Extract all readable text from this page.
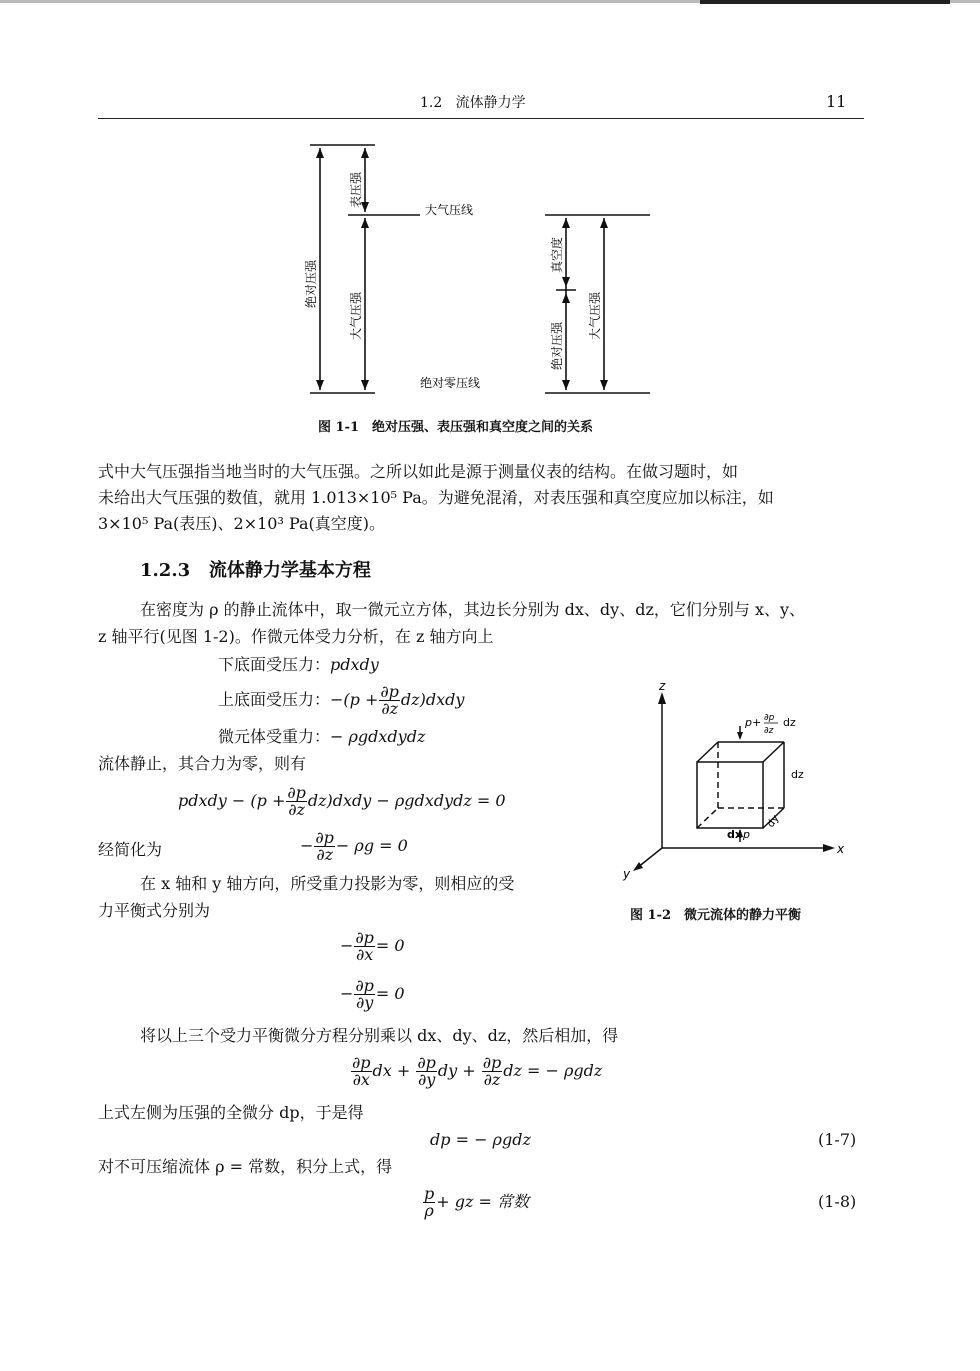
1.2 流体静力学	11
大气压线
绝对零压线
表压强
绝对压强
大气压强
真空度
绝对压强
大气压强
图 1-1　绝对压强、表压强和真空度之间的关系
式中大气压强指当地当时的大气压强。之所以如此是源于测量仪表的结构。在做习题时，如
未给出大气压强的数值，就用 1.013×10⁵ Pa。为避免混淆，对表压强和真空度应加以标注，如
3×10⁵ Pa(表压)、2×10³ Pa(真空度)。
1.2.3 流体静力学基本方程
在密度为 ρ 的静止流体中，取一微元立方体，其边长分别为 dx、dy、dz，它们分别与 x、y、
z 轴平行(见图 1-2)。作微元体受力分析，在 z 轴方向上
下底面受压力：pdxdy
上底面受压力：$-(p + \frac{\partial p}{\partial z}$ dz)dxdy
微元体受重力：− ρgdxdydz
流体静止，其合力为零，则有
pdxdy − ($p + \frac{\partial p}{\partial z}$ dz)dxdy − ρgdxdydz = 0
经简化为	− $\frac{\partial p}{\partial z} - \rho g = 0$
在 x 轴和 y 轴方向，所受重力投影为零，则相应的受
力平衡式分别为
z
x
y
dz
dx p
dy
p+ ∂p
∂z
dz
图 1-2　微元流体的静力平衡
− $\frac{\partial p}{\partial x} = 0$
− $\frac{\partial p}{\partial y} = 0$
将以上三个受力平衡微分方程分别乘以 dx、dy、dz，然后相加，得
$\frac{\partial p}{\partial x}$ dx + $\frac{\partial p}{\partial y}$ dy + $\frac{\partial p}{\partial z}$ dz = − ρgdz
上式左侧为压强的全微分 dp，于是得
dp = − ρgdz	(1-7)
对不可压缩流体 ρ = 常数，积分上式，得
$\frac{p}{\rho}$ + gz = 常数	(1-8)
